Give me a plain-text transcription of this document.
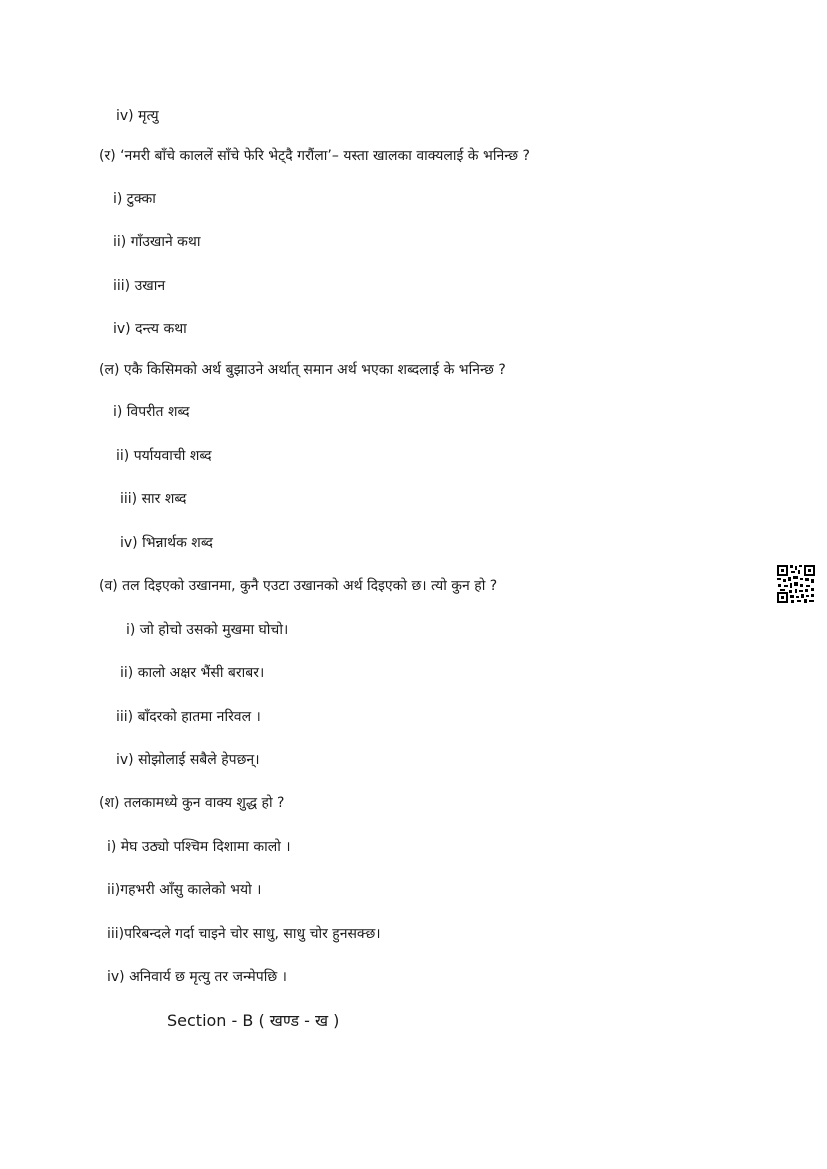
iv) मृत्यु
(र) ‘नमरी बाँचे काललें साँचे फेरि भेट्दै गरौंला’– यस्ता खालका वाक्यलाई के भनिन्छ ?
i) टुक्का
ii) गाँउखाने कथा
iii) उखान
iv) दन्त्य कथा
(ल) एकै किसिमको अर्थ बुझाउने अर्थात् समान अर्थ भएका शब्दलाई के भनिन्छ ?
i) विपरीत शब्द
ii) पर्यायवाची शब्द
iii) सार शब्द
iv) भिन्नार्थक शब्द
(व) तल दिइएको उखानमा, कुनै एउटा उखानको अर्थ दिइएको छ। त्यो कुन हो ?
i) जो होचो उसको मुखमा घोचो।
ii) कालो अक्षर भैंसी बराबर।
iii) बाँदरको हातमा नरिवल ।
iv) सोझोलाई सबैले हेपछन्।
(श) तलकामध्ये कुन वाक्य शुद्ध हो ?
i) मेघ उठ्यो पश्चिम दिशामा कालो ।
ii)गहभरी आँसु कालेको भयो ।
iii)परिबन्दले गर्दा चाइने चोर साधु, साधु चोर हुनसक्छ।
iv) अनिवार्य छ मृत्यु तर जन्मेपछि ।
Section - B ( खण्ड - ख )
